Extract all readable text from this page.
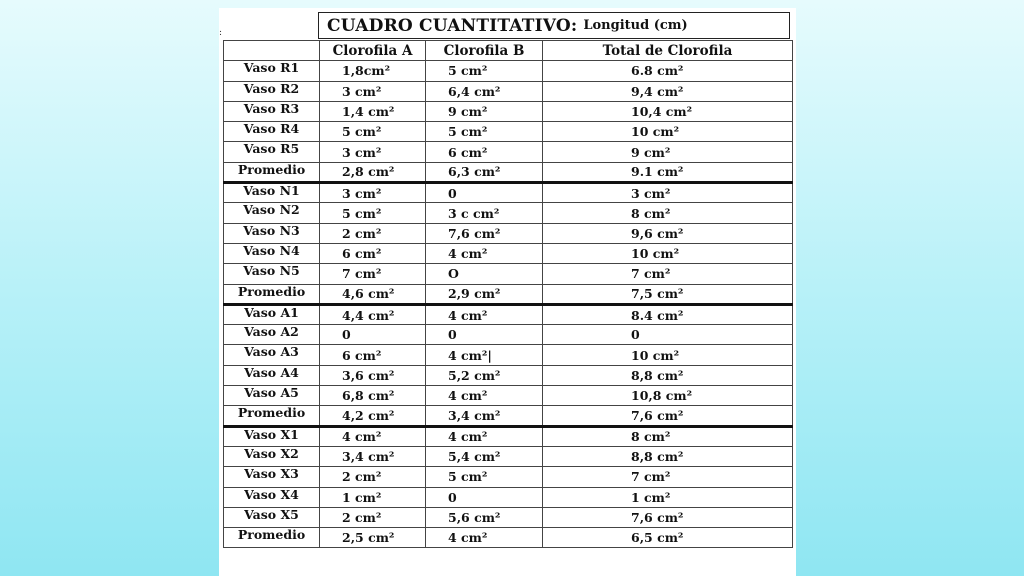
:	CUADRO CUANTITATIVO: Longitud (cm)
	Clorofila A	Clorofila B	Total de Clorofila
Vaso R1	1,8cm²	5 cm²	6.8 cm²
Vaso R2	3 cm²	6,4 cm²	9,4 cm²
Vaso R3	1,4 cm²	9 cm²	10,4 cm²
Vaso R4	5 cm²	5 cm²	10 cm²
Vaso R5	3 cm²	6 cm²	9 cm²
Promedio	2,8 cm²	6,3 cm²	9.1 cm²
Vaso N1	3 cm²	0	3 cm²
Vaso N2	5 cm²	3 c cm²	8 cm²
Vaso N3	2 cm²	7,6 cm²	9,6 cm²
Vaso N4	6 cm²	4 cm²	10 cm²
Vaso N5	7 cm²	O	7 cm²
Promedio	4,6 cm²	2,9 cm²	7,5 cm²
Vaso A1	4,4 cm²	4 cm²	8.4 cm²
Vaso A2	0	0	0
Vaso A3	6 cm²	4 cm²|	10 cm²
Vaso A4	3,6 cm²	5,2 cm²	8,8 cm²
Vaso A5	6,8 cm²	4 cm²	10,8 cm²
Promedio	4,2 cm²	3,4 cm²	7,6 cm²
Vaso X1	4 cm²	4 cm²	8 cm²
Vaso X2	3,4 cm²	5,4 cm²	8,8 cm²
Vaso X3	2 cm²	5 cm²	7 cm²
Vaso X4	1 cm²	0	1 cm²
Vaso X5	2 cm²	5,6 cm²	7,6 cm²
Promedio	2,5 cm²	4 cm²	6,5 cm²
